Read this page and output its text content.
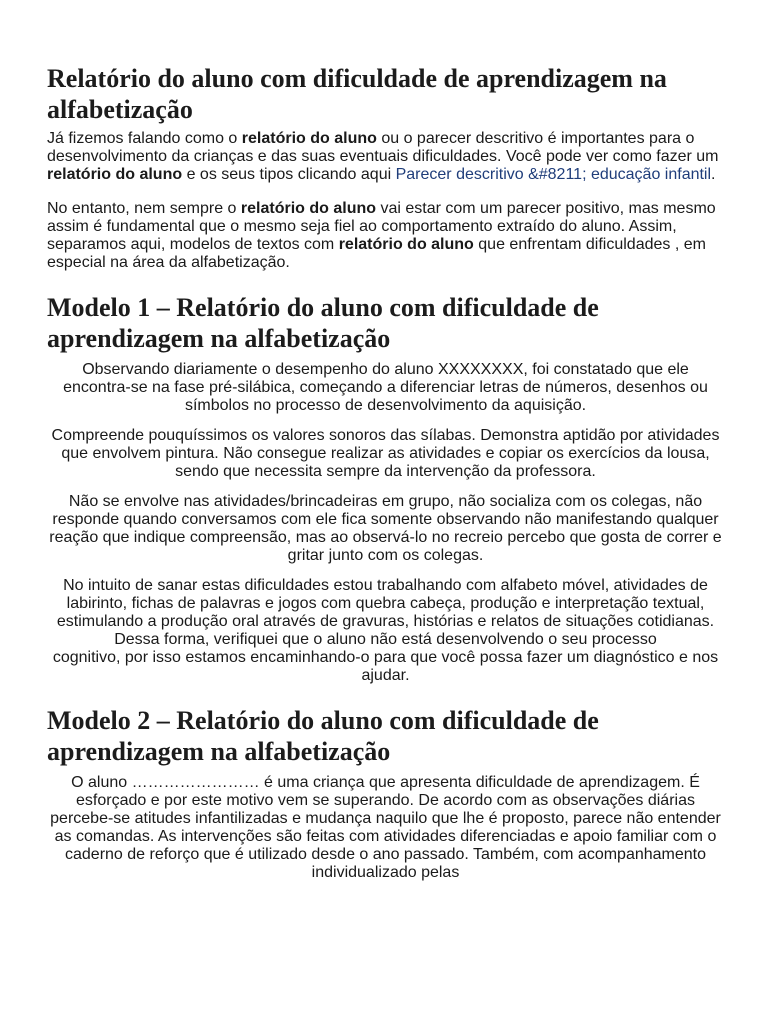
Relatório do aluno com dificuldade de aprendizagem na alfabetização

Já fizemos falando como o relatório do aluno ou o parecer descritivo é importantes para o desenvolvimento da crianças e das suas eventuais dificuldades. Você pode ver como fazer um relatório do aluno e os seus tipos clicando aqui Parecer descritivo &#8211; educação infantil.

No entanto, nem sempre o relatório do aluno vai estar com um parecer positivo, mas mesmo assim é fundamental que o mesmo seja fiel ao comportamento extraído do aluno. Assim, separamos aqui, modelos de textos com relatório do aluno que enfrentam dificuldades , em especial na área da alfabetização.

Modelo 1 – Relatório do aluno com dificuldade de aprendizagem na alfabetização

Observando diariamente o desempenho do aluno XXXXXXXX, foi constatado que ele encontra-se na fase pré-silábica, começando a diferenciar letras de números, desenhos ou símbolos no processo de desenvolvimento da aquisição.

Compreende pouquíssimos os valores sonoros das sílabas. Demonstra aptidão por atividades que envolvem pintura. Não consegue realizar as atividades e copiar os exercícios da lousa, sendo que necessita sempre da intervenção da professora.

Não se envolve nas atividades/brincadeiras em grupo, não socializa com os colegas, não responde quando conversamos com ele fica somente observando não manifestando qualquer reação que indique compreensão, mas ao observá-lo no recreio percebo que gosta de correr e gritar junto com os colegas.

No intuito de sanar estas dificuldades estou trabalhando com alfabeto móvel, atividades de labirinto, fichas de palavras e jogos com quebra cabeça, produção e interpretação textual, estimulando a produção oral através de gravuras, histórias e relatos de situações cotidianas. Dessa forma, verifiquei que o aluno não está desenvolvendo o seu processo
cognitivo, por isso estamos encaminhando-o para que você possa fazer um diagnóstico e nos ajudar.

Modelo 2 – Relatório do aluno com dificuldade de aprendizagem na alfabetização

O aluno …………………… é uma criança que apresenta dificuldade de aprendizagem. É esforçado e por este motivo vem se superando. De acordo com as observações diárias percebe-se atitudes infantilizadas e mudança naquilo que lhe é proposto, parece não entender as comandas. As intervenções são feitas com atividades diferenciadas e apoio familiar com o caderno de reforço que é utilizado desde o ano passado. Também, com acompanhamento individualizado pelas
